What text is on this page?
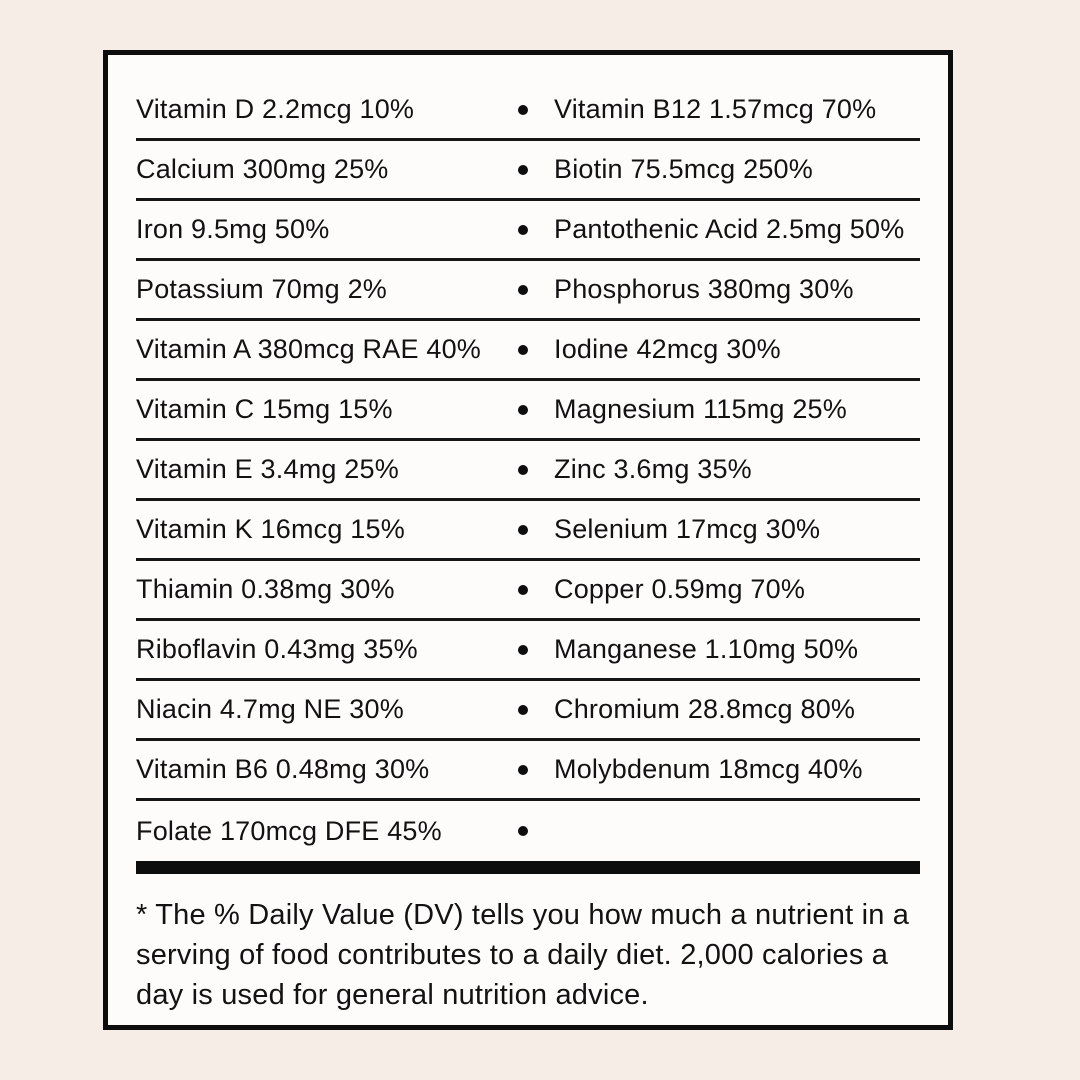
Vitamin D 2.2mcg 10%	Vitamin B12 1.57mcg 70%
Calcium 300mg 25%	Biotin 75.5mcg 250%
Iron 9.5mg 50%	Pantothenic Acid 2.5mg 50%
Potassium 70mg 2%	Phosphorus 380mg 30%
Vitamin A 380mcg RAE 40%	Iodine 42mcg 30%
Vitamin C 15mg 15%	Magnesium 115mg 25%
Vitamin E 3.4mg 25%	Zinc 3.6mg 35%
Vitamin K 16mcg 15%	Selenium 17mcg 30%
Thiamin 0.38mg 30%	Copper 0.59mg 70%
Riboflavin 0.43mg 35%	Manganese 1.10mg 50%
Niacin 4.7mg NE 30%	Chromium 28.8mcg 80%
Vitamin B6 0.48mg 30%	Molybdenum 18mcg 40%
Folate 170mcg DFE 45%

* The % Daily Value (DV) tells you how much a nutrient in a serving of food contributes to a daily diet. 2,000 calories a day is used for general nutrition advice.
